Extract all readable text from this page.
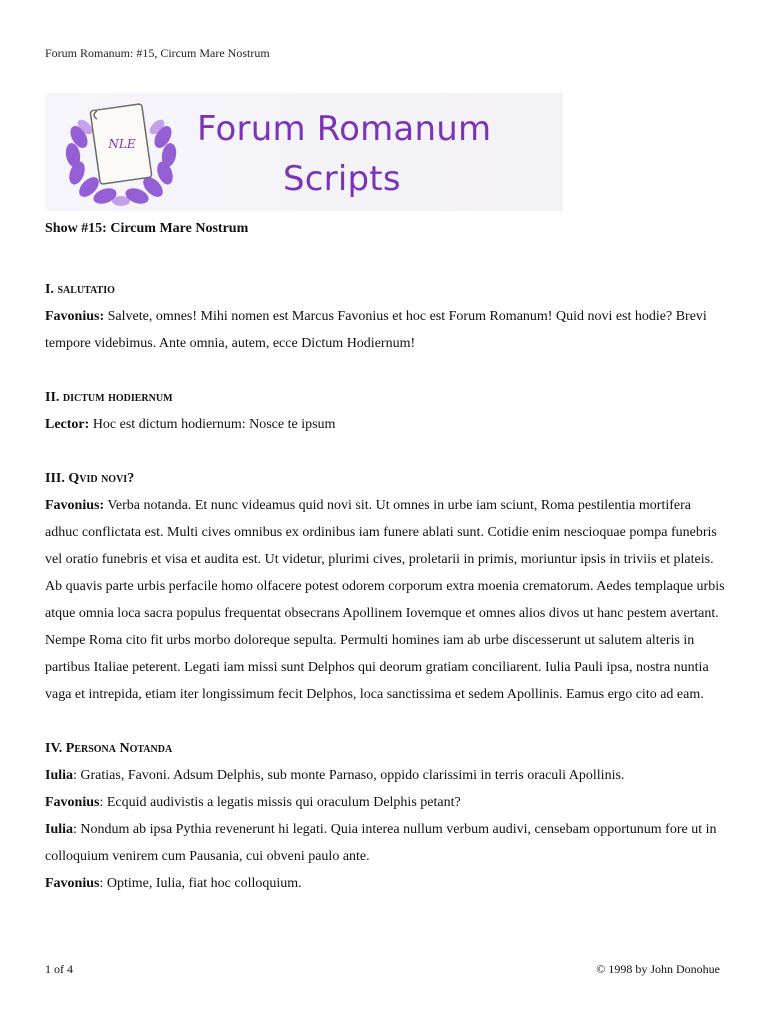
Forum Romanum: #15, Circum Mare Nostrum
NLE Forum Romanum
Scripts
Show #15: Circum Mare Nostrum
I. salutatio

Favonius: Salvete, omnes! Mihi nomen est Marcus Favonius et hoc est Forum Romanum! Quid novi est hodie? Brevi tempore videbimus. Ante omnia, autem, ecce Dictum Hodiernum!

II. dictum hodiernum

Lector: Hoc est dictum hodiernum: Nosce te ipsum

III. Qvid novi?

Favonius: Verba notanda. Et nunc videamus quid novi sit. Ut omnes in urbe iam sciunt, Roma pestilentia mortifera adhuc conflictata est. Multi cives omnibus ex ordinibus iam funere ablati sunt. Cotidie enim nescioquae pompa funebris vel oratio funebris et visa et audita est. Ut videtur, plurimi cives, proletarii in primis, moriuntur ipsis in triviis et plateis. Ab quavis parte urbis perfacile homo olfacere potest odorem corporum extra moenia crematorum. Aedes templaque urbis atque omnia loca sacra populus frequentat obsecrans Apollinem Iovemque et omnes alios divos ut hanc pestem avertant. Nempe Roma cito fit urbs morbo doloreque sepulta. Permulti homines iam ab urbe discesserunt ut salutem alteris in partibus Italiae peterent. Legati iam missi sunt Delphos qui deorum gratiam conciliarent. Iulia Pauli ipsa, nostra nuntia vaga et intrepida, etiam iter longissimum fecit Delphos, loca sanctissima et sedem Apollinis. Eamus ergo cito ad eam.

IV. Persona Notanda

Iulia: Gratias, Favoni. Adsum Delphis, sub monte Parnaso, oppido clarissimi in terris oraculi Apollinis.

Favonius: Ecquid audivistis a legatis missis qui oraculum Delphis petant?

Iulia: Nondum ab ipsa Pythia revenerunt hi legati. Quia interea nullum verbum audivi, censebam opportunum fore ut in colloquium venirem cum Pausania, cui obveni paulo ante.

Favonius: Optime, Iulia, fiat hoc colloquium.

1 of 4	© 1998 by John Donohue
